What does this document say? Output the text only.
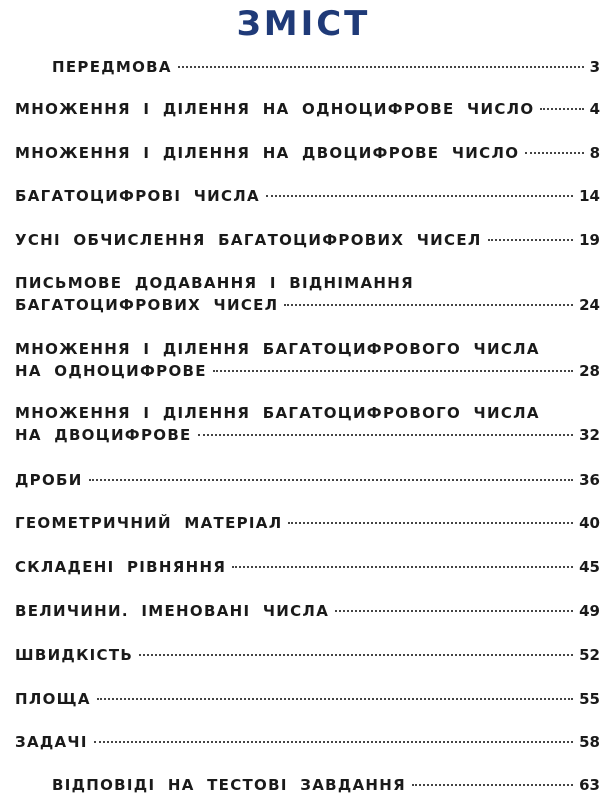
ЗМІСТ
ПЕРЕДМОВА	3
МНОЖЕННЯ І ДІЛЕННЯ НА ОДНОЦИФРОВЕ ЧИСЛО	4
МНОЖЕННЯ І ДІЛЕННЯ НА ДВОЦИФРОВЕ ЧИСЛО	8
БАГАТОЦИФРОВІ ЧИСЛА	14
УСНІ ОБЧИСЛЕННЯ БАГАТОЦИФРОВИХ ЧИСЕЛ	19
ПИСЬМОВЕ ДОДАВАННЯ І ВІДНІМАННЯ
БАГАТОЦИФРОВИХ ЧИСЕЛ	24
МНОЖЕННЯ І ДІЛЕННЯ БАГАТОЦИФРОВОГО ЧИСЛА
НА ОДНОЦИФРОВЕ	28
МНОЖЕННЯ І ДІЛЕННЯ БАГАТОЦИФРОВОГО ЧИСЛА
НА ДВОЦИФРОВЕ	32
ДРОБИ	36
ГЕОМЕТРИЧНИЙ МАТЕРІАЛ	40
СКЛАДЕНІ РІВНЯННЯ	45
ВЕЛИЧИНИ. ІМЕНОВАНІ ЧИСЛА	49
ШВИДКІСТЬ	52
ПЛОЩА	55
ЗАДАЧІ	58
ВІДПОВІДІ НА ТЕСТОВІ ЗАВДАННЯ	63
